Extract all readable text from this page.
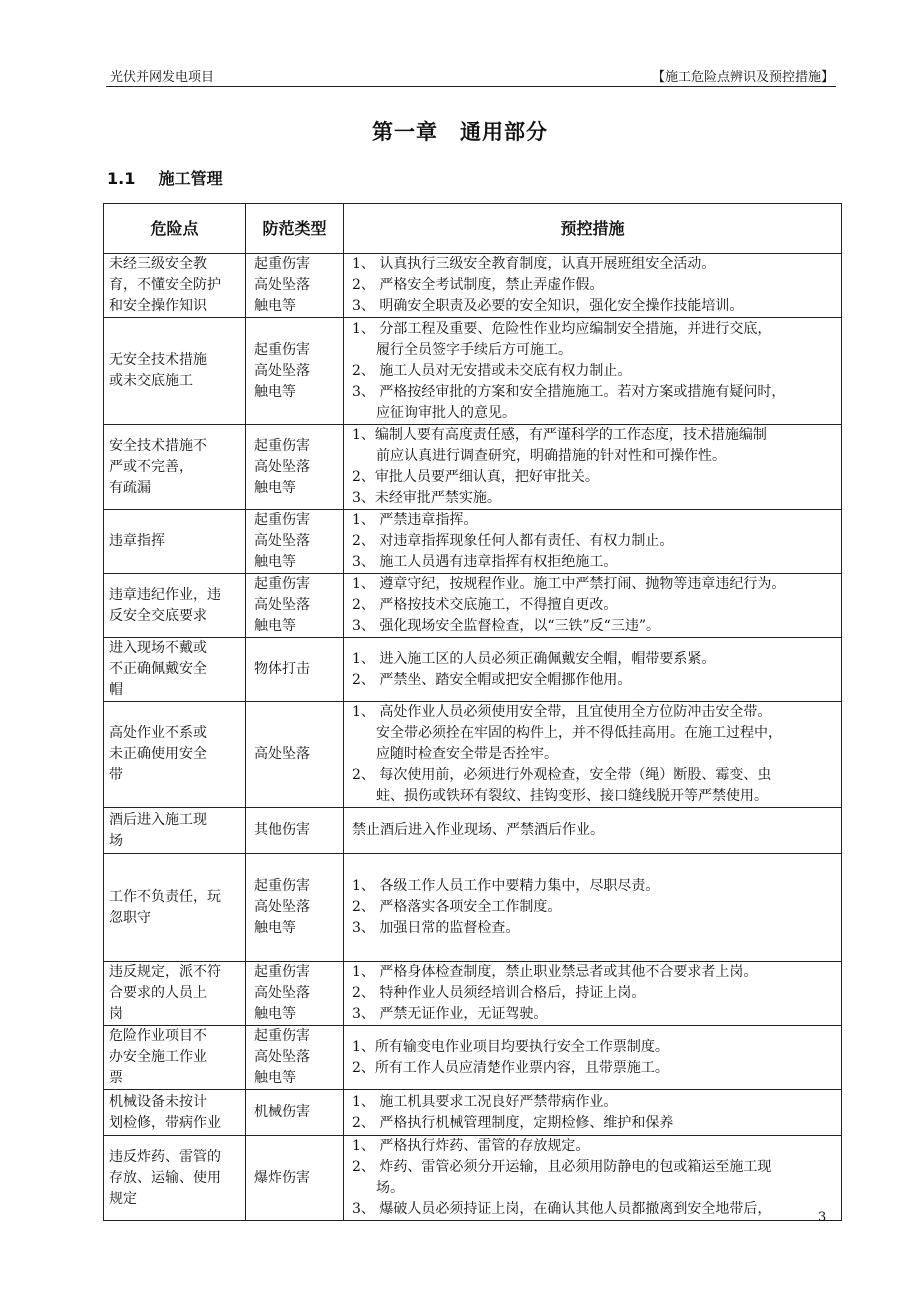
光伏并网发电项目	【施工危险点辨识及预控措施】
第一章　通用部分
1.1 施工管理
危险点	防范类型	预控措施

未经三级安全教
育，不懂安全防护
和安全操作知识	起重伤害
高处坠落
触电等	1、 认真执行三级安全教育制度，认真开展班组安全活动。
2、 严格安全考试制度，禁止弄虚作假。
3、 明确安全职责及必要的安全知识，强化安全操作技能培训。

无安全技术措施
或未交底施工	起重伤害
高处坠落
触电等	1、 分部工程及重要、危险性作业均应编制安全措施，并进行交底，
履行全员签字手续后方可施工。
2、 施工人员对无安措或未交底有权力制止。
3、 严格按经审批的方案和安全措施施工。若对方案或措施有疑问时，
应征询审批人的意见。

安全技术措施不
严或不完善，
有疏漏	起重伤害
高处坠落
触电等	1、编制人要有高度责任感，有严谨科学的工作态度，技术措施编制
前应认真进行调查研究，明确措施的针对性和可操作性。
2、审批人员要严细认真，把好审批关。
3、未经审批严禁实施。

违章指挥	起重伤害
高处坠落
触电等	1、 严禁违章指挥。
2、 对违章指挥现象任何人都有责任、有权力制止。
3、 施工人员遇有违章指挥有权拒绝施工。

违章违纪作业，违
反安全交底要求	起重伤害
高处坠落
触电等	1、 遵章守纪，按规程作业。施工中严禁打闹、抛物等违章违纪行为。
2、 严格按技术交底施工，不得擅自更改。
3、 强化现场安全监督检查，以“三铁”反“三违”。

进入现场不戴或
不正确佩戴安全
帽	物体打击	1、 进入施工区的人员必须正确佩戴安全帽，帽带要系紧。
2、 严禁坐、踏安全帽或把安全帽挪作他用。

高处作业不系或
未正确使用安全
带	高处坠落	1、 高处作业人员必须使用安全带，且宜使用全方位防冲击安全带。
安全带必须拴在牢固的构件上，并不得低挂高用。在施工过程中，
应随时检查安全带是否拴牢。
2、 每次使用前，必须进行外观检查，安全带（绳）断股、霉变、虫
蛀、损伤或铁环有裂纹、挂钩变形、接口缝线脱开等严禁使用。

酒后进入施工现
场	其他伤害	禁止酒后进入作业现场、严禁酒后作业。

工作不负责任，玩
忽职守	起重伤害
高处坠落
触电等	1、 各级工作人员工作中要精力集中，尽职尽责。
2、 严格落实各项安全工作制度。
3、 加强日常的监督检查。

违反规定，派不符
合要求的人员上
岗	起重伤害
高处坠落
触电等	1、 严格身体检查制度，禁止职业禁忌者或其他不合要求者上岗。
2、 特种作业人员须经培训合格后，持证上岗。
3、 严禁无证作业，无证驾驶。

危险作业项目不
办安全施工作业
票	起重伤害
高处坠落
触电等	1、所有输变电作业项目均要执行安全工作票制度。
2、所有工作人员应清楚作业票内容，且带票施工。

机械设备未按计
划检修，带病作业	机械伤害	1、 施工机具要求工况良好严禁带病作业。
2、 严格执行机械管理制度，定期检修、维护和保养

违反炸药、雷管的
存放、运输、使用
规定	爆炸伤害	1、 严格执行炸药、雷管的存放规定。
2、 炸药、雷管必须分开运输，且必须用防静电的包或箱运至施工现
场。
3、 爆破人员必须持证上岗，在确认其他人员都撤离到安全地带后，
3
